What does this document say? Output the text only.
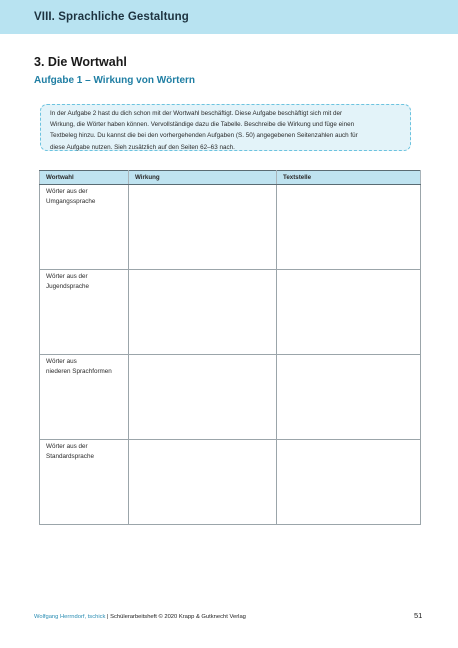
VIII. Sprachliche Gestaltung
3. Die Wortwahl
Aufgabe 1 – Wirkung von Wörtern
In der Aufgabe 2 hast du dich schon mit der Wortwahl beschäftigt. Diese Aufgabe beschäftigt sich mit der
Wirkung, die Wörter haben können. Vervollständige dazu die Tabelle. Beschreibe die Wirkung und füge einen
Textbeleg hinzu. Du kannst die bei den vorhergehenden Aufgaben (S. 50) angegebenen Seitenzahlen auch für
diese Aufgabe nutzen. Sieh zusätzlich auf den Seiten 62–63 nach.
Wortwahl	Wirkung	Textstelle

Wörter aus der
Umgangssprache		

Wörter aus der
Jugendsprache		

Wörter aus
niederen Sprachformen		

Wörter aus der
Standardsprache		

Wolfgang Herrndorf, tschick | Schülerarbeitsheft © 2020 Krapp & Gutknecht Verlag	51
